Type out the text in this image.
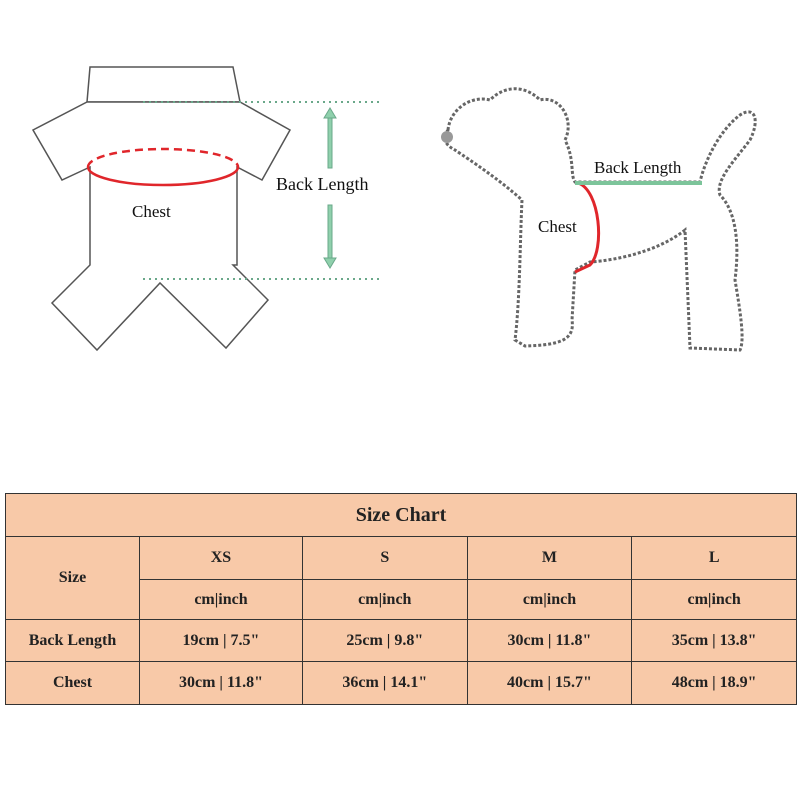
Chest
Back Length
Chest
Back Length
Size Chart				
Size	XS	S	M	L
	cm|inch	cm|inch	cm|inch	cm|inch
Back Length	19cm | 7.5"	25cm | 9.8"	30cm | 11.8"	35cm | 13.8"
Chest	30cm | 11.8"	36cm | 14.1"	40cm | 15.7"	48cm | 18.9"
